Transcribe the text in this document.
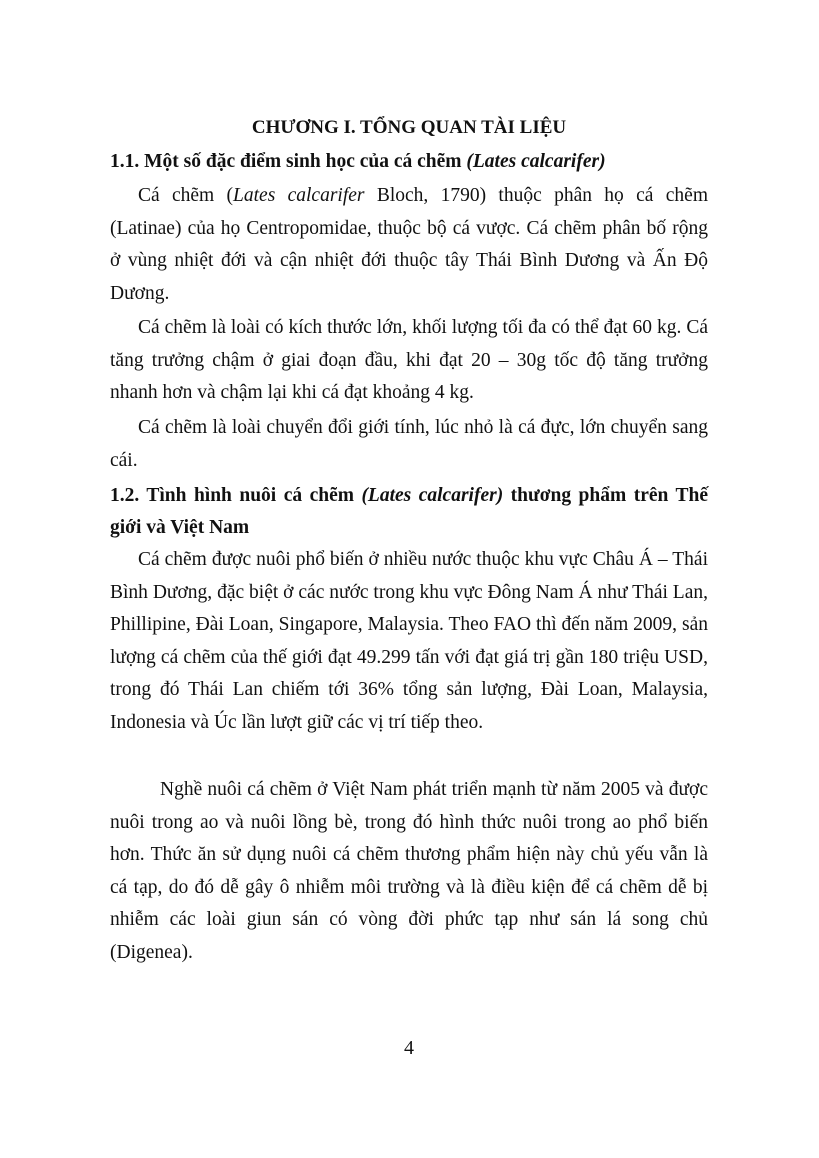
CHƯƠNG I. TỔNG QUAN TÀI LIỆU
1.1. Một số đặc điểm sinh học của cá chẽm (Lates calcarifer)
Cá chẽm (Lates calcarifer Bloch, 1790) thuộc phân họ cá chẽm (Latinae) của họ Centropomidae, thuộc bộ cá vược. Cá chẽm phân bố rộng ở vùng nhiệt đới và cận nhiệt đới thuộc tây Thái Bình Dương và Ấn Độ Dương.
Cá chẽm là loài có kích thước lớn, khối lượng tối đa có thể đạt 60 kg. Cá tăng trưởng chậm ở giai đoạn đầu, khi đạt 20 – 30g tốc độ tăng trưởng nhanh hơn và chậm lại khi cá đạt khoảng 4 kg.
Cá chẽm là loài chuyển đổi giới tính, lúc nhỏ là cá đực, lớn chuyển sang cái.
1.2. Tình hình nuôi cá chẽm (Lates calcarifer) thương phẩm trên Thế giới và Việt Nam
Cá chẽm được nuôi phổ biến ở nhiều nước thuộc khu vực Châu Á – Thái Bình Dương, đặc biệt ở các nước trong khu vực Đông Nam Á như Thái Lan, Phillipine, Đài Loan, Singapore, Malaysia. Theo FAO thì đến năm 2009, sản lượng cá chẽm của thế giới đạt 49.299 tấn với đạt giá trị gần 180 triệu USD, trong đó Thái Lan chiếm tới 36% tổng sản lượng, Đài Loan, Malaysia, Indonesia và Úc lần lượt giữ các vị trí tiếp theo.
Nghề nuôi cá chẽm ở Việt Nam phát triển mạnh từ năm 2005 và được nuôi trong ao và nuôi lồng bè, trong đó hình thức nuôi trong ao phổ biến hơn. Thức ăn sử dụng nuôi cá chẽm thương phẩm hiện này chủ yếu vẫn là cá tạp, do đó dễ gây ô nhiễm môi trường và là điều kiện để cá chẽm dễ bị nhiễm các loài giun sán có vòng đời phức tạp như sán lá song chủ (Digenea).
4
